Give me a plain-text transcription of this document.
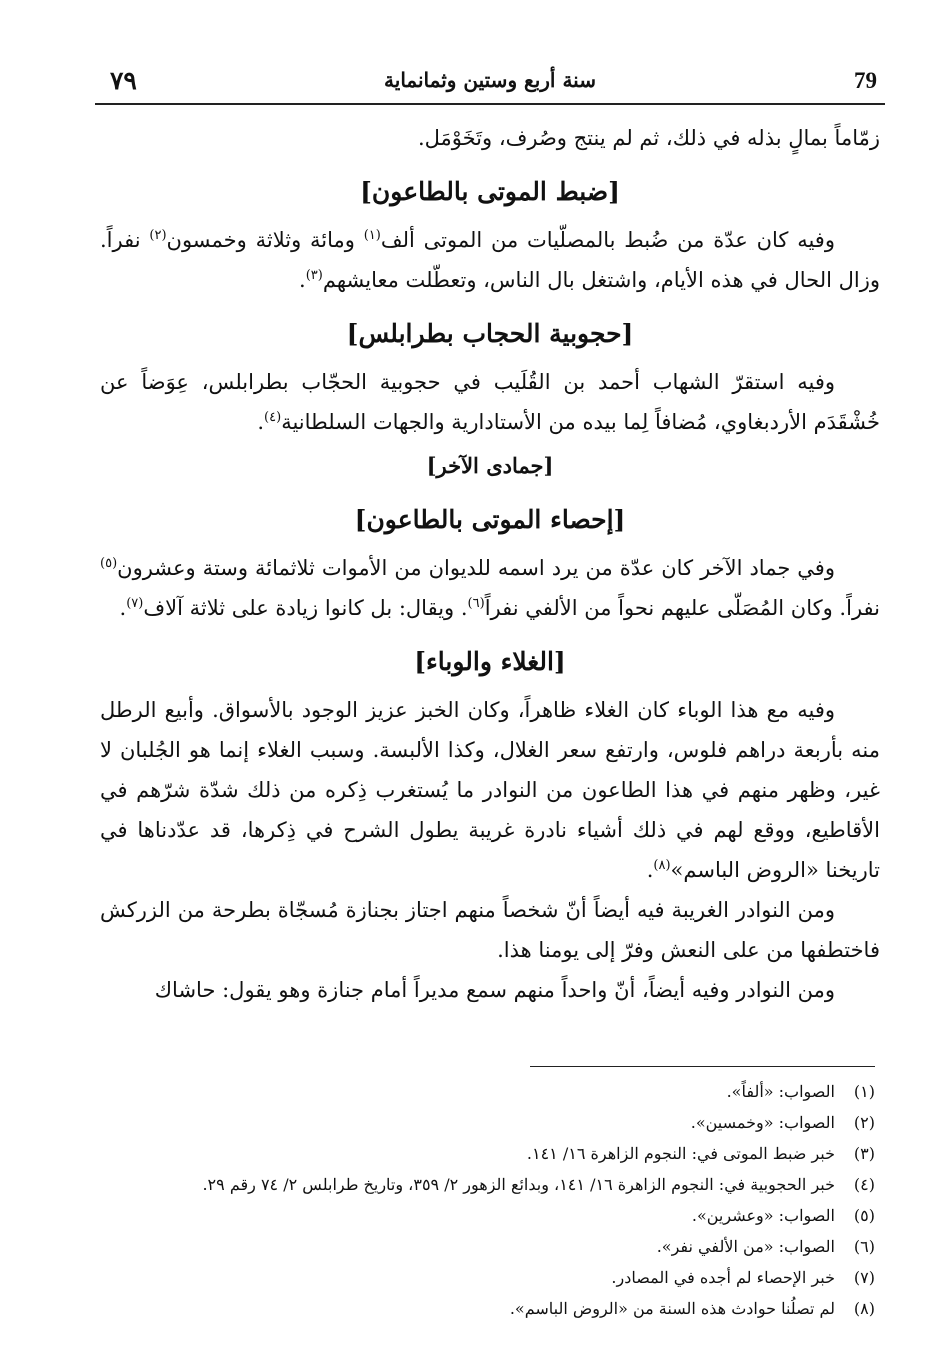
٧٩	سنة أربع وستين وثمانماية	79

زمّاماً بمالٍ بذله في ذلك، ثم لم ينتج وصُرف، وتَخَوْمَل.

[ضبط الموتى بالطاعون]

وفيه كان عدّة من ضُبط بالمصلّيات من الموتى ألف$^{(١)}$ ومائة وثلاثة وخمسون$^{(٢)}$ نفراً. وزال الحال في هذه الأيام، واشتغل بال الناس، وتعطّلت معايشهم$^{(٣)}$.

[حجوبية الحجاب بطرابلس]

وفيه استقرّ الشهاب أحمد بن القُلَيب في حجوبية الحجّاب بطرابلس، عِوَضاً عن خُشْقَدَم الأردبغاوي، مُضافاً لِما بيده من الأستادارية والجهات السلطانية$^{(٤)}$.

[جمادى الآخر]
[إحصاء الموتى بالطاعون]

وفي جماد الآخر كان عدّة من يرد اسمه للديوان من الأموات ثلاثمائة وستة وعشرون$^{(٥)}$ نفراً. وكان المُصَلّى عليهم نحواً من الألفي نفراً$^{(٦)}$. ويقال: بل كانوا زيادة على ثلاثة آلاف$^{(٧)}$.

[الغلاء والوباء]

وفيه مع هذا الوباء كان الغلاء ظاهراً، وكان الخبز عزيز الوجود بالأسواق. وأبيع الرطل منه بأربعة دراهم فلوس، وارتفع سعر الغلال، وكذا الألبسة. وسبب الغلاء إنما هو الجُلبان لا غير، وظهر منهم في هذا الطاعون من النوادر ما يُستغرب ذِكره من ذلك شدّة شرّهم في الأقاطيع، ووقع لهم في ذلك أشياء نادرة غريبة يطول الشرح في ذِكرها، قد عدّدناها في تاريخنا «الروض الباسم»$^{(٨)}$.

ومن النوادر الغريبة فيه أيضاً أنّ شخصاً منهم اجتاز بجنازة مُسجّاة بطرحة من الزركش فاختطفها من على النعش وفرّ إلى يومنا هذا.

ومن النوادر وفيه أيضاً، أنّ واحداً منهم سمع مديراً أمام جنازة وهو يقول: حاشاك

(١)الصواب: «ألفاً».
(٢)الصواب: «وخمسين».
(٣)خبر ضبط الموتى في: النجوم الزاهرة ١٦/ ١٤١.
(٤)خبر الحجوبية في: النجوم الزاهرة ١٦/ ١٤١، وبدائع الزهور ٢/ ٣٥٩، وتاريخ طرابلس ٢/ ٧٤ رقم ٢٩.
(٥)الصواب: «وعشرين».
(٦)الصواب: «من الألفي نفر».
(٧)خبر الإحصاء لم أجده في المصادر.
(٨)لم تصلُنا حوادث هذه السنة من «الروض الباسم».
